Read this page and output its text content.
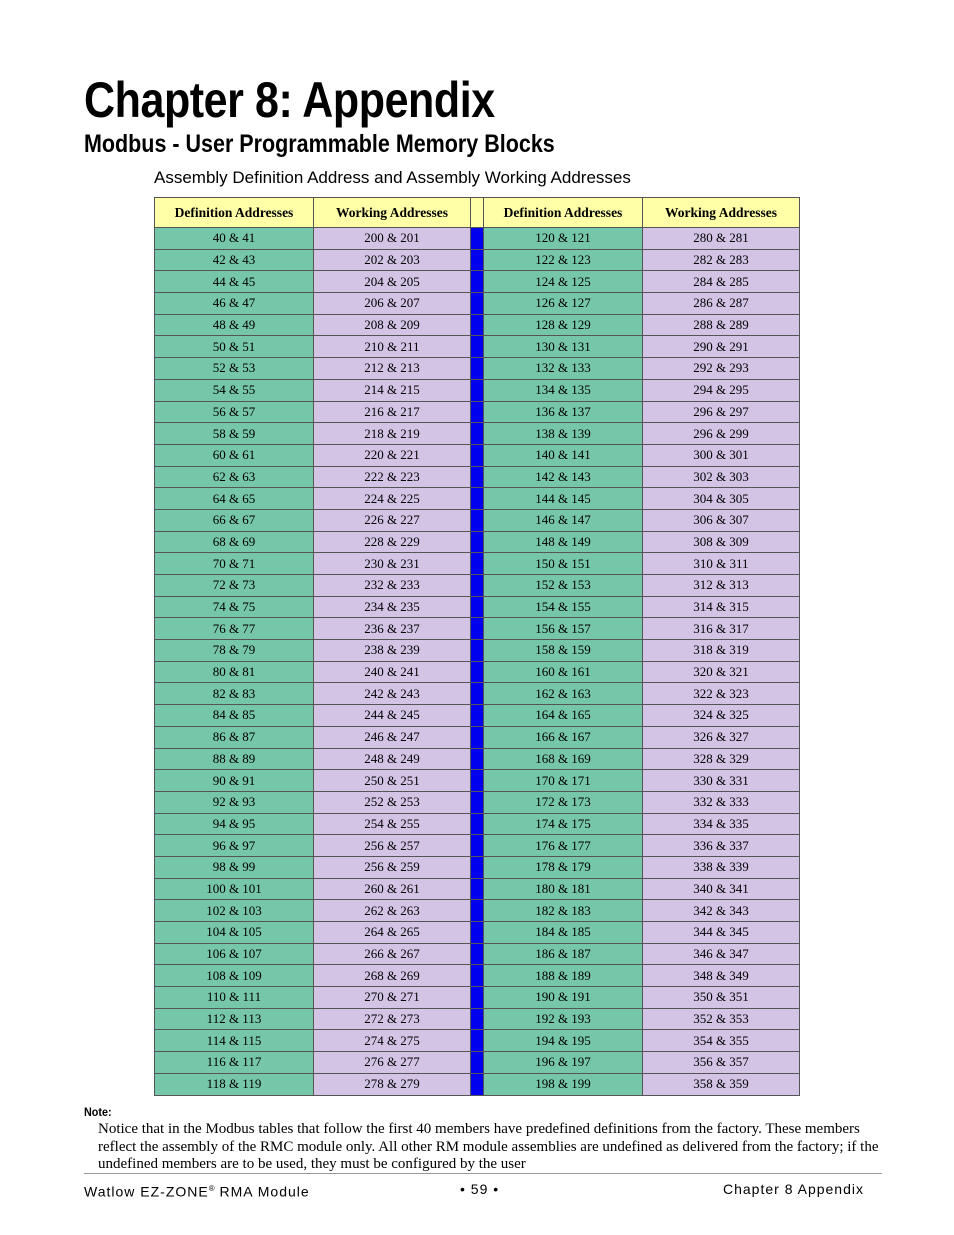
Chapter 8: Appendix
Modbus - User Programmable Memory Blocks

Assembly Definition Address and Assembly Working Addresses

Definition Addresses	Working Addresses		Definition Addresses	Working Addresses
40 & 41	200 & 201		120 & 121	280 & 281
42 & 43	202 & 203		122 & 123	282 & 283
44 & 45	204 & 205		124 & 125	284 & 285
46 & 47	206 & 207		126 & 127	286 & 287
48 & 49	208 & 209		128 & 129	288 & 289
50 & 51	210 & 211		130 & 131	290 & 291
52 & 53	212 & 213		132 & 133	292 & 293
54 & 55	214 & 215		134 & 135	294 & 295
56 & 57	216 & 217		136 & 137	296 & 297
58 & 59	218 & 219		138 & 139	296 & 299
60 & 61	220 & 221		140 & 141	300 & 301
62 & 63	222 & 223		142 & 143	302 & 303
64 & 65	224 & 225		144 & 145	304 & 305
66 & 67	226 & 227		146 & 147	306 & 307
68 & 69	228 & 229		148 & 149	308 & 309
70 & 71	230 & 231		150 & 151	310 & 311
72 & 73	232 & 233		152 & 153	312 & 313
74 & 75	234 & 235		154 & 155	314 & 315
76 & 77	236 & 237		156 & 157	316 & 317
78 & 79	238 & 239		158 & 159	318 & 319
80 & 81	240 & 241		160 & 161	320 & 321
82 & 83	242 & 243		162 & 163	322 & 323
84 & 85	244 & 245		164 & 165	324 & 325
86 & 87	246 & 247		166 & 167	326 & 327
88 & 89	248 & 249		168 & 169	328 & 329
90 & 91	250 & 251		170 & 171	330 & 331
92 & 93	252 & 253		172 & 173	332 & 333
94 & 95	254 & 255		174 & 175	334 & 335
96 & 97	256 & 257		176 & 177	336 & 337
98 & 99	256 & 259		178 & 179	338 & 339
100 & 101	260 & 261		180 & 181	340 & 341
102 & 103	262 & 263		182 & 183	342 & 343
104 & 105	264 & 265		184 & 185	344 & 345
106 & 107	266 & 267		186 & 187	346 & 347
108 & 109	268 & 269		188 & 189	348 & 349
110 & 111	270 & 271		190 & 191	350 & 351
112 & 113	272 & 273		192 & 193	352 & 353
114 & 115	274 & 275		194 & 195	354 & 355
116 & 117	276 & 277		196 & 197	356 & 357
118 & 119	278 & 279		198 & 199	358 & 359

Note:

Notice that in the Modbus tables that follow the first 40 members have predefined definitions from the factory. These members reflect the assembly of the RMC module only. All other RM module assemblies are undefined as delivered from the factory; if the undefined members are to be used, they must be configured by the user

Watlow EZ-ZONE® RMA Module	• 59 •	Chapter 8 Appendix
